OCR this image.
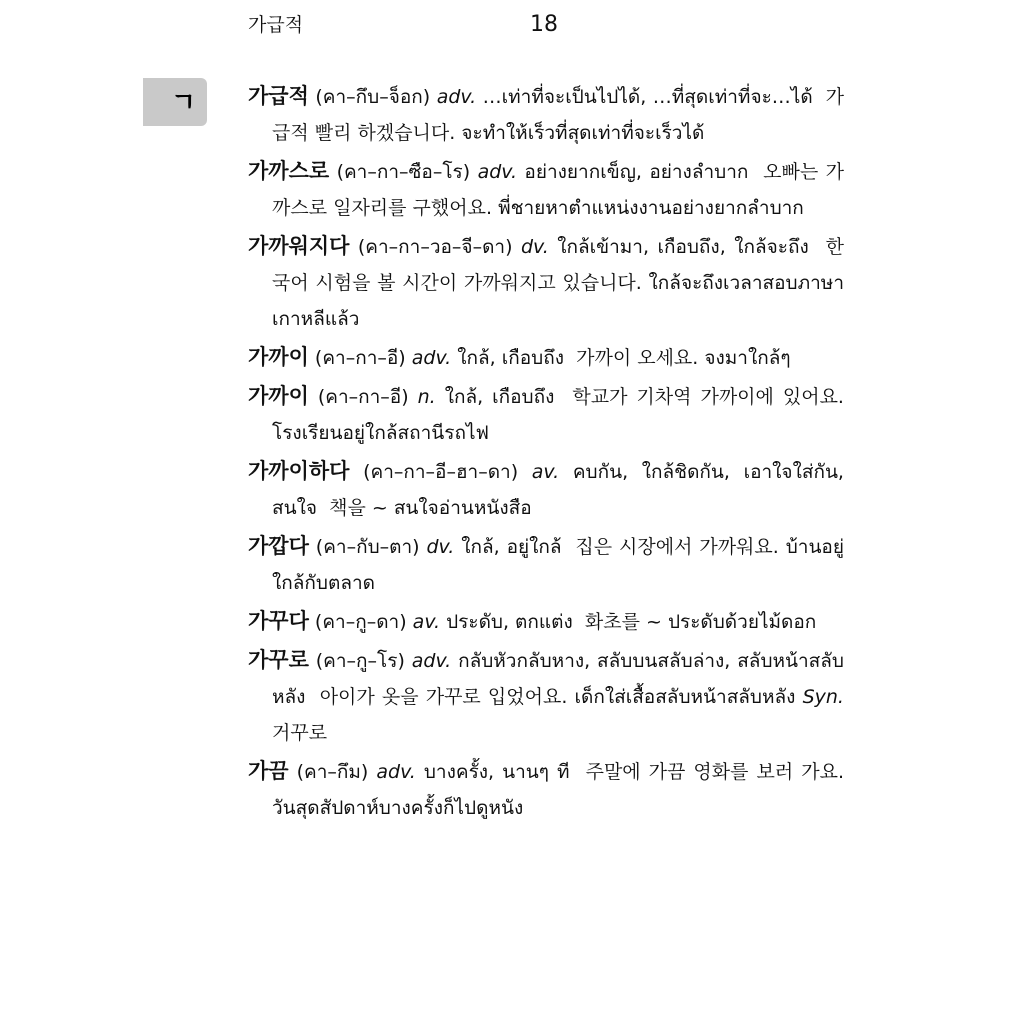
가급적	18
ㄱ 가급적 (คา–กึบ–จ็อก) adv. …เท่าที่จะเป็นไปได้, …ที่สุดเท่าที่จะ…ได้ 가급적 빨리 하겠습니다. จะทำให้เร็วที่สุดเท่าที่จะเร็วได้

가까스로 (คา–กา–ซือ–โร) adv. อย่างยากเข็ญ, อย่างลำบาก 오빠는 가까스로 일자리를 구했어요. พี่ชายหาตำแหน่งงานอย่างยากลำบาก

가까워지다 (คา–กา–วอ–จี–ดา) dv. ใกล้เข้ามา, เกือบถึง, ใกล้จะถึง 한국어 시험을 볼 시간이 가까워지고 있습니다. ใกล้จะถึงเวลาสอบภาษาเกาหลีแล้ว

가까이 (คา–กา–อี) adv. ใกล้, เกือบถึง 가까이 오세요. จงมาใกล้ๆ

가까이 (คา–กา–อี) n. ใกล้, เกือบถึง 학교가 기차역 가까이에 있어요. โรงเรียนอยู่ใกล้สถานีรถไฟ

가까이하다 (คา–กา–อี–ฮา–ดา) av. คบกัน, ใกล้ชิดกัน, เอาใจใส่กัน, สนใจ 책을 ~ สนใจอ่านหนังสือ

가깝다 (คา–กับ–ตา) dv. ใกล้, อยู่ใกล้ 집은 시장에서 가까워요. บ้านอยู่ใกล้กับตลาด

가꾸다 (คา–กู–ดา) av. ประดับ, ตกแต่ง 화초를 ~ ประดับด้วยไม้ดอก

가꾸로 (คา–กู–โร) adv. กลับหัวกลับหาง, สลับบนสลับล่าง, สลับหน้าสลับหลัง 아이가 옷을 가꾸로 입었어요. เด็กใส่เสื้อสลับหน้าสลับหลัง Syn. 거꾸로

가끔 (คา–กึม) adv. บางครั้ง, นานๆ ที 주말에 가끔 영화를 보러 가요. วันสุดสัปดาห์บางครั้งก็ไปดูหนัง
